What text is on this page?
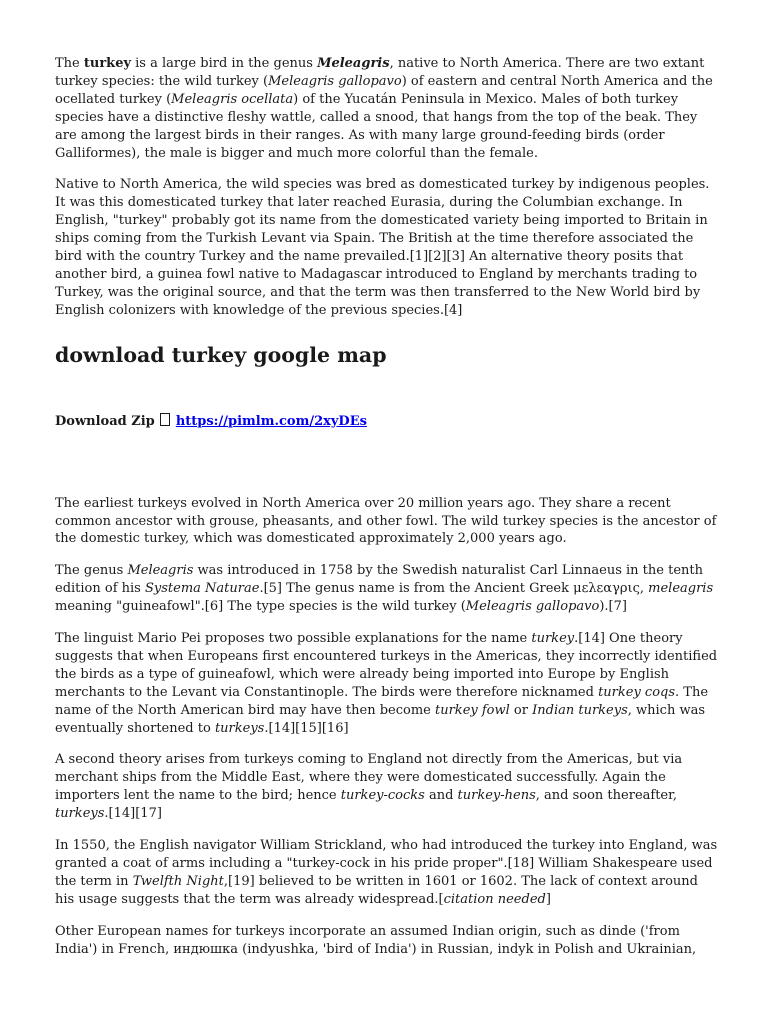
The turkey is a large bird in the genus Meleagris, native to North America. There are two extant turkey species: the wild turkey (Meleagris gallopavo) of eastern and central North America and the ocellated turkey (Meleagris ocellata) of the Yucatán Peninsula in Mexico. Males of both turkey species have a distinctive fleshy wattle, called a snood, that hangs from the top of the beak. They are among the largest birds in their ranges. As with many large ground-feeding birds (order Galliformes), the male is bigger and much more colorful than the female.

Native to North America, the wild species was bred as domesticated turkey by indigenous peoples. It was this domesticated turkey that later reached Eurasia, during the Columbian exchange. In English, "turkey" probably got its name from the domesticated variety being imported to Britain in ships coming from the Turkish Levant via Spain. The British at the time therefore associated the bird with the country Turkey and the name prevailed.[1][2][3] An alternative theory posits that another bird, a guinea fowl native to Madagascar introduced to England by merchants trading to Turkey, was the original source, and that the term was then transferred to the New World bird by English colonizers with knowledge of the previous species.[4]

download turkey google map
Download Zip  https://pimlm.com/2xyDEs

The earliest turkeys evolved in North America over 20 million years ago. They share a recent common ancestor with grouse, pheasants, and other fowl. The wild turkey species is the ancestor of the domestic turkey, which was domesticated approximately 2,000 years ago.

The genus Meleagris was introduced in 1758 by the Swedish naturalist Carl Linnaeus in the tenth edition of his Systema Naturae.[5] The genus name is from the Ancient Greek μελεαγρις, meleagris meaning "guineafowl".[6] The type species is the wild turkey (Meleagris gallopavo).[7]

The linguist Mario Pei proposes two possible explanations for the name turkey.[14] One theory suggests that when Europeans first encountered turkeys in the Americas, they incorrectly identified the birds as a type of guineafowl, which were already being imported into Europe by English merchants to the Levant via Constantinople. The birds were therefore nicknamed turkey coqs. The name of the North American bird may have then become turkey fowl or Indian turkeys, which was eventually shortened to turkeys.[14][15][16]

A second theory arises from turkeys coming to England not directly from the Americas, but via merchant ships from the Middle East, where they were domesticated successfully. Again the importers lent the name to the bird; hence turkey-cocks and turkey-hens, and soon thereafter, turkeys.[14][17]

In 1550, the English navigator William Strickland, who had introduced the turkey into England, was granted a coat of arms including a "turkey-cock in his pride proper".[18] William Shakespeare used the term in Twelfth Night,[19] believed to be written in 1601 or 1602. The lack of context around his usage suggests that the term was already widespread.[citation needed]

Other European names for turkeys incorporate an assumed Indian origin, such as dinde ('from India') in French, индюшка (indyushka, 'bird of India') in Russian, indyk in Polish and Ukrainian,
